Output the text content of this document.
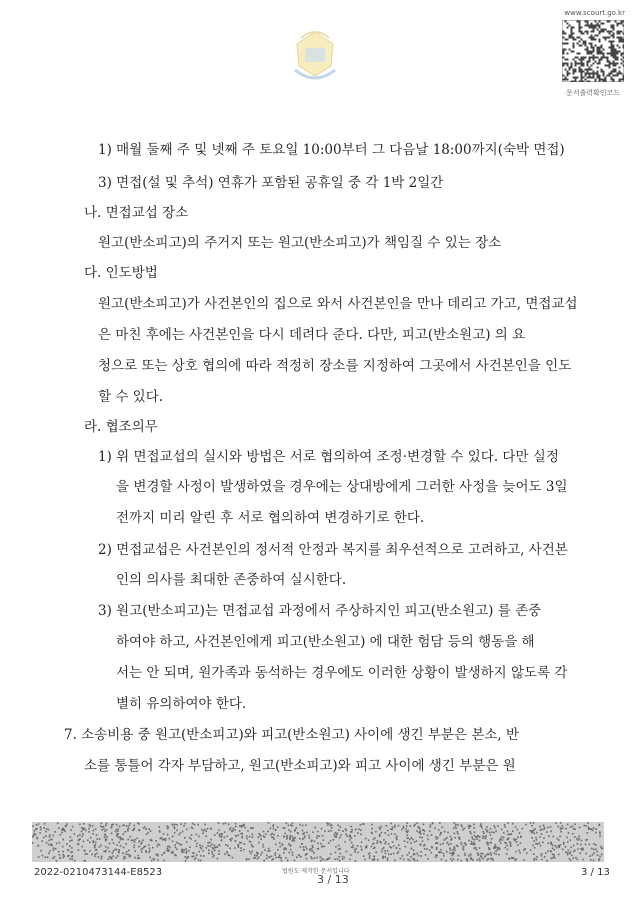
www.scourt.go.kr
문서출력확인코드
1) 매월 둘째 주 및 넷째 주 토요일 10:00부터 그 다음날 18:00까지(숙박 면접)
3) 면접(설 및 추석) 연휴가 포함된 공휴일 중 각 1박 2일간
나. 면접교섭 장소
원고(반소피고)의 주거지 또는 원고(반소피고)가 책임질 수 있는 장소
다. 인도방법
원고(반소피고)가 사건본인의 집으로 와서 사건본인을 만나 데리고 가고, 면접교섭
은 마친 후에는 사건본인을 다시 데려다 준다. 다만, 피고(반소원고) 의 요
청으로 또는 상호 협의에 따라 적정히 장소를 지정하여 그곳에서 사건본인을 인도
할 수 있다.
라. 협조의무
1) 위 면접교섭의 실시와 방법은 서로 협의하여 조정·변경할 수 있다. 다만 실정
을 변경할 사정이 발생하였을 경우에는 상대방에게 그러한 사정을 늦어도 3일
전까지 미리 알린 후 서로 협의하여 변경하기로 한다.
2) 면접교섭은 사건본인의 정서적 안정과 복지를 최우선적으로 고려하고, 사건본
인의 의사를 최대한 존중하여 실시한다.
3) 원고(반소피고)는 면접교섭 과정에서 주상하지인 피고(반소원고) 를 존중
하여야 하고, 사건본인에게 피고(반소원고) 에 대한 험담 등의 행동을 해
서는 안 되며, 원가족과 동석하는 경우에도 이러한 상황이 발생하지 않도록 각
별히 유의하여야 한다.
7. 소송비용 중 원고(반소피고)와 피고(반소원고) 사이에 생긴 부분은 본소, 반
소를 통틀어 각자 부담하고, 원고(반소피고)와 피고 사이에 생긴 부분은 원
2022-0210473144-E8523	법원도 제작한 문서입니다
3 / 13
3 / 13
